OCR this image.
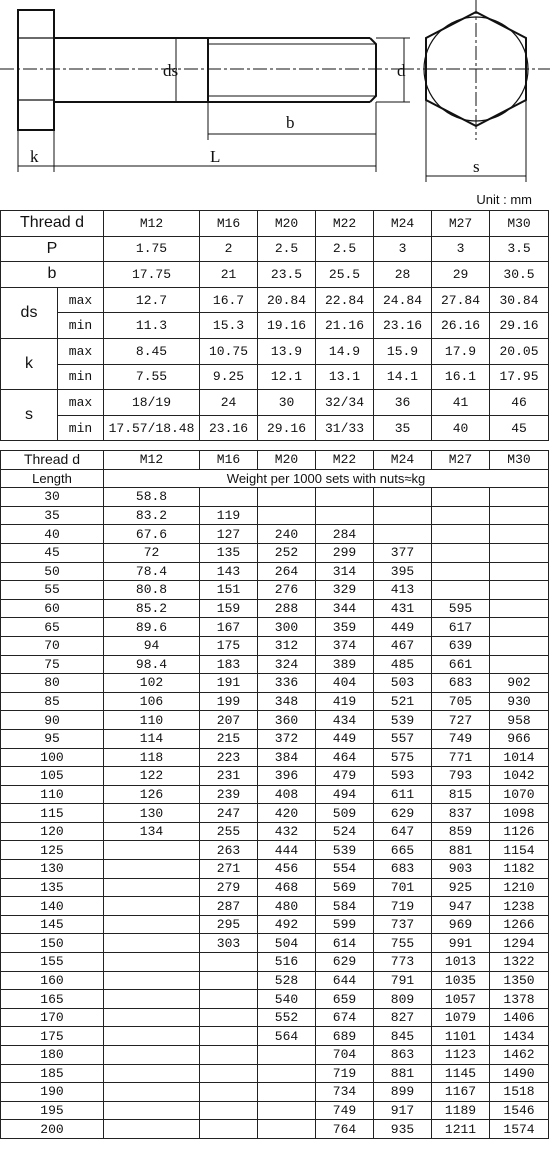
ds	d
b
k	L
s
Unit : mm
Thread d		M12	M16	M20	M22	M24	M27	M30
P		1.75	2	2.5	2.5	3	3	3.5
b		17.75	21	23.5	25.5	28	29	30.5
ds	max	12.7	16.7	20.84	22.84	24.84	27.84	30.84
	min	11.3	15.3	19.16	21.16	23.16	26.16	29.16
k	max	8.45	10.75	13.9	14.9	15.9	17.9	20.05
	min	7.55	9.25	12.1	13.1	14.1	16.1	17.95
s	max	18/19	24	30	32/34	36	41	46
	min	17.57/18.48	23.16	29.16	31/33	35	40	45
Thread d	M12	M16	M20	M22	M24	M27	M30
Length	Weight per 1000 sets with nuts≈kg						
30	58.8						
35	83.2	119					
40	67.6	127	240	284			
45	72	135	252	299	377		
50	78.4	143	264	314	395		
55	80.8	151	276	329	413		
60	85.2	159	288	344	431	595	
65	89.6	167	300	359	449	617	
70	94	175	312	374	467	639	
75	98.4	183	324	389	485	661	
80	102	191	336	404	503	683	902
85	106	199	348	419	521	705	930
90	110	207	360	434	539	727	958
95	114	215	372	449	557	749	966
100	118	223	384	464	575	771	1014
105	122	231	396	479	593	793	1042
110	126	239	408	494	611	815	1070
115	130	247	420	509	629	837	1098
120	134	255	432	524	647	859	1126
125		263	444	539	665	881	1154
130		271	456	554	683	903	1182
135		279	468	569	701	925	1210
140		287	480	584	719	947	1238
145		295	492	599	737	969	1266
150		303	504	614	755	991	1294
155			516	629	773	1013	1322
160			528	644	791	1035	1350
165			540	659	809	1057	1378
170			552	674	827	1079	1406
175			564	689	845	1101	1434
180				704	863	1123	1462
185				719	881	1145	1490
190				734	899	1167	1518
195				749	917	1189	1546
200				764	935	1211	1574
